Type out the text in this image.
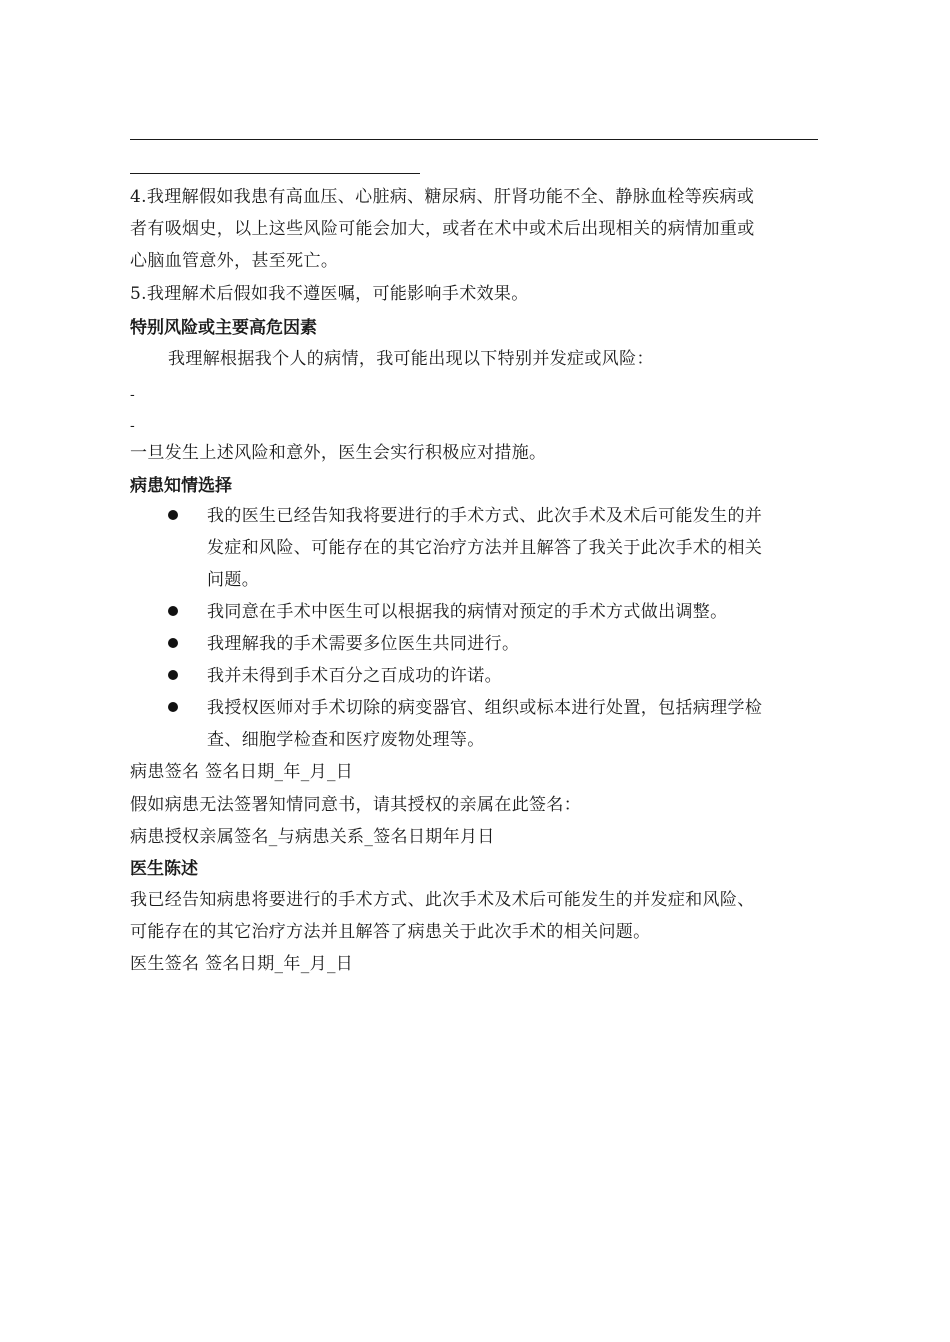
4.我理解假如我患有高血压、心脏病、糖尿病、肝肾功能不全、静脉血栓等疾病或
者有吸烟史，以上这些风险可能会加大，或者在术中或术后出现相关的病情加重或
心脑血管意外，甚至死亡。
5.我理解术后假如我不遵医嘱，可能影响手术效果。
特别风险或主要高危因素
我理解根据我个人的病情，我可能出现以下特别并发症或风险：
-
-
一旦发生上述风险和意外，医生会实行积极应对措施。
病患知情选择
我的医生已经告知我将要进行的手术方式、此次手术及术后可能发生的并
发症和风险、可能存在的其它治疗方法并且解答了我关于此次手术的相关
问题。
我同意在手术中医生可以根据我的病情对预定的手术方式做出调整。
我理解我的手术需要多位医生共同进行。
我并未得到手术百分之百成功的许诺。
我授权医师对手术切除的病变器官、组织或标本进行处置，包括病理学检
查、细胞学检查和医疗废物处理等。
病患签名 签名日期_年_月_日
假如病患无法签署知情同意书，请其授权的亲属在此签名：
病患授权亲属签名_与病患关系_签名日期年月日
医生陈述
我已经告知病患将要进行的手术方式、此次手术及术后可能发生的并发症和风险、
可能存在的其它治疗方法并且解答了病患关于此次手术的相关问题。
医生签名 签名日期_年_月_日
